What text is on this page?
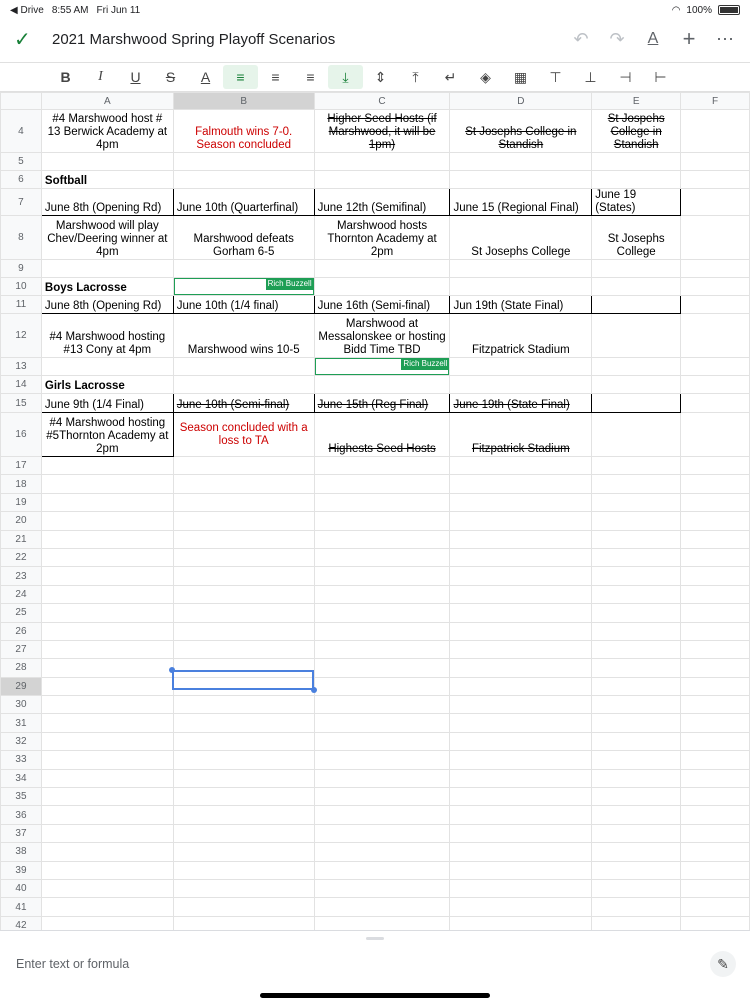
◀ Drive 8:55 AM Fri Jun 11	◠ 100%
✓ 2021 Marshwood Spring Playoff Scenarios	↶ ↷	A + ⋯
B	I	U	S	A	≡	≡	≡	⤓	⇕	⤒	↵	◈	▦	⊤	⊥	⊣	⊢
	A	B	C	D	E	F
4	#4 Marshwood host # 13 Berwick Academy at 4pm	Falmouth wins 7-0. Season concluded	Higher Seed Hosts (if Marshwood, it will be 1pm)	St Josephs College in Standish	St Jospehs College in Standish	
5						
6	Softball					
7	June 8th (Opening Rd)	June 10th (Quarterfinal)	June 12th (Semifinal)	June 15 (Regional Final)	June 19 (States)	
8	Marshwood will play Chev/Deering winner at 4pm	Marshwood defeats Gorham 6-5	Marshwood hosts Thornton Academy at 2pm	St Josephs College	St Josephs College	
9						
10	Boys Lacrosse	Rich Buzzell				

11	June 8th (Opening Rd)	June 10th (1/4 final)	June 16th (Semi-final)	Jun 19th (State Final)		
12	#4 Marshwood hosting #13 Cony at 4pm	Marshwood wins 10-5	Marshwood at Messalonskee or hosting Bidd Time TBD	Fitzpatrick Stadium		
13			Rich Buzzell			

14	Girls Lacrosse					
15	June 9th (1/4 Final)	June 10th (Semi-final)	June 15th (Reg Final)	June 19th (State Final)		
16	#4 Marshwood hosting #5Thornton Academy at 2pm	Season concluded with a loss to TA	Highests Seed Hosts	Fitzpatrick Stadium		
17						
18						
19						
20						
21						
22						
23						
24						
25						
26						
27						
28						
29						
30						
31						
32						
33						
34						
35						
36						
37						
38						
39						
40						
41						
42						
Enter text or formula	✎
